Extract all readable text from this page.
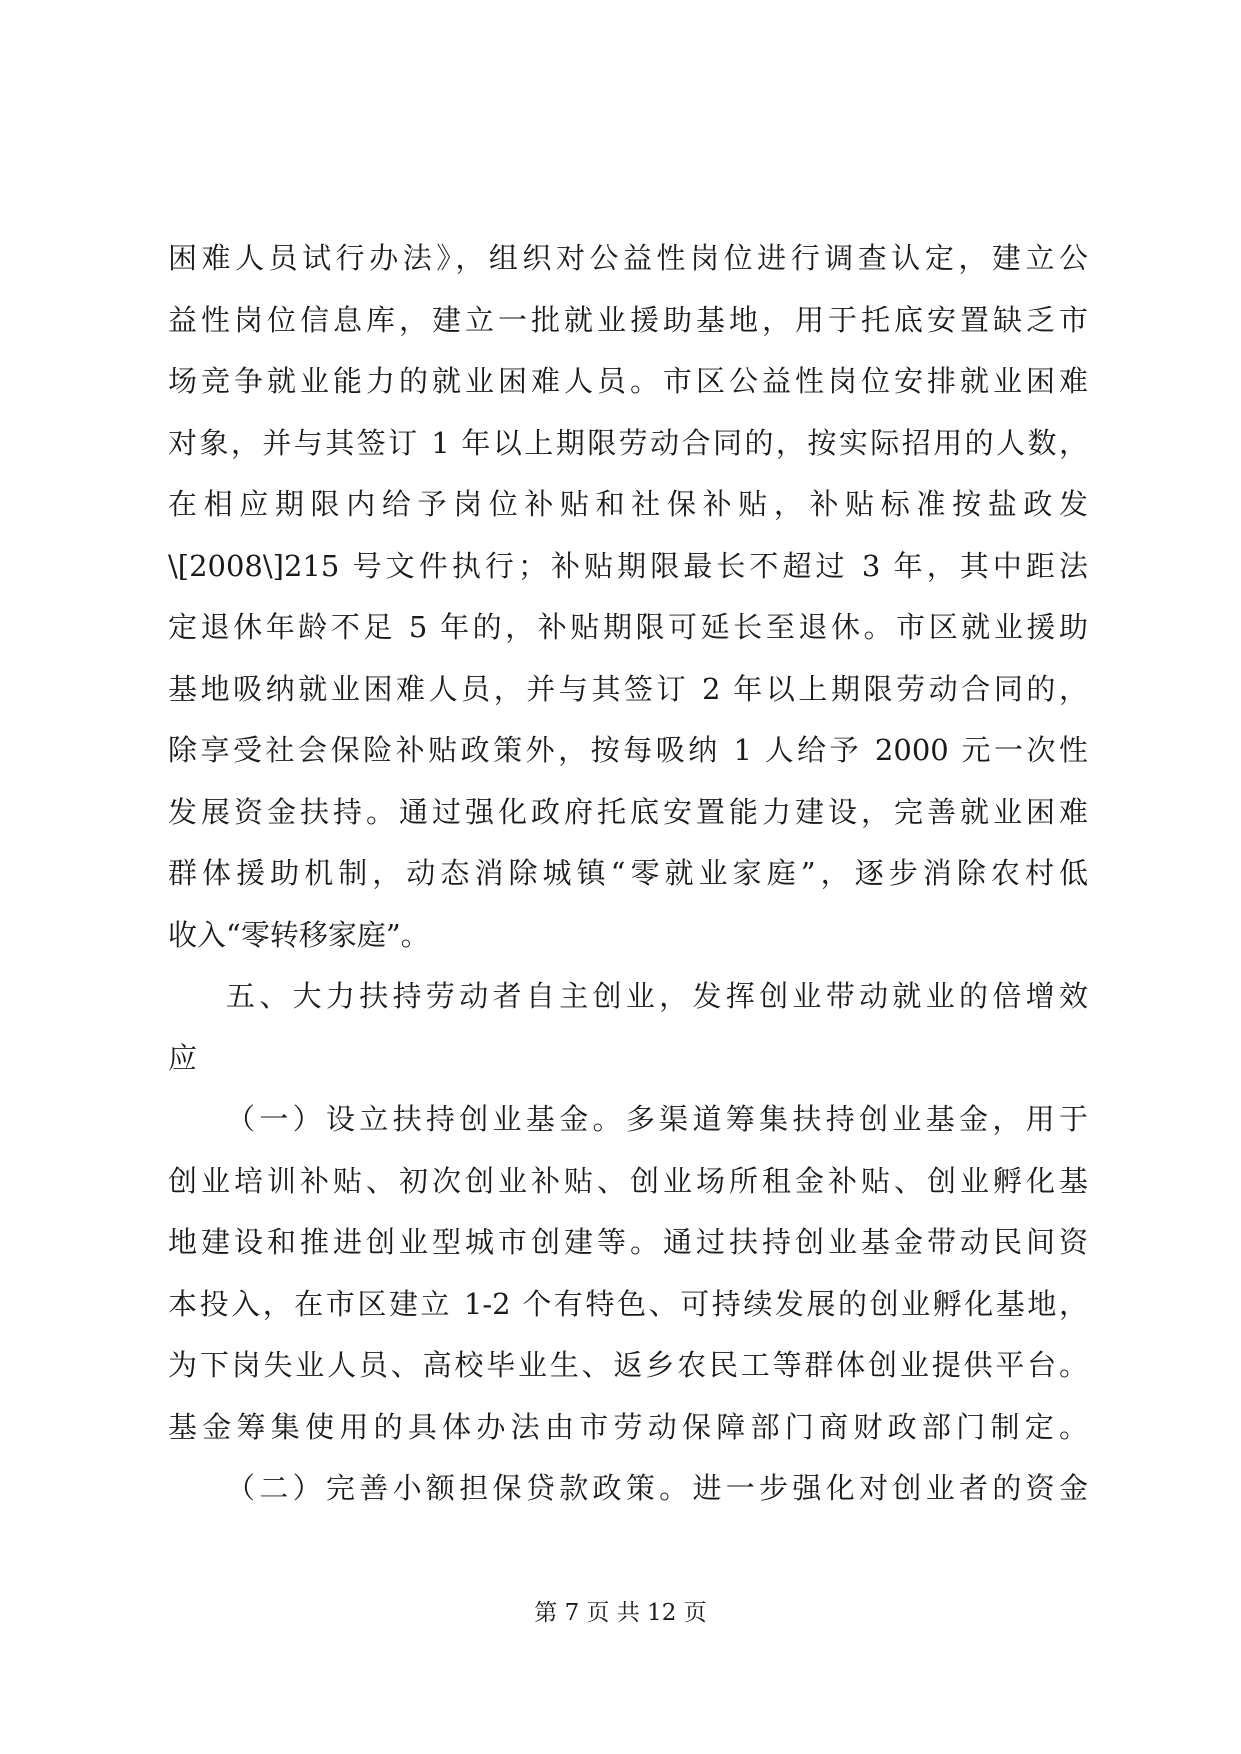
困难人员试行办法》，组织对公益性岗位进行调查认定，建立公
益性岗位信息库，建立一批就业援助基地，用于托底安置缺乏市
场竞争就业能力的就业困难人员。市区公益性岗位安排就业困难
对象，并与其签订 1 年以上期限劳动合同的，按实际招用的人数，
在相应期限内给予岗位补贴和社保补贴，补贴标准按盐政发
\[2008\]215 号文件执行；补贴期限最长不超过 3 年，其中距法
定退休年龄不足 5 年的，补贴期限可延长至退休。市区就业援助
基地吸纳就业困难人员，并与其签订 2 年以上期限劳动合同的，
除享受社会保险补贴政策外，按每吸纳 1 人给予 2000 元一次性
发展资金扶持。通过强化政府托底安置能力建设，完善就业困难
群体援助机制，动态消除城镇“零就业家庭”，逐步消除农村低
收入“零转移家庭”。
五、大力扶持劳动者自主创业，发挥创业带动就业的倍增效
应
（一）设立扶持创业基金。多渠道筹集扶持创业基金，用于
创业培训补贴、初次创业补贴、创业场所租金补贴、创业孵化基
地建设和推进创业型城市创建等。通过扶持创业基金带动民间资
本投入，在市区建立 1-2 个有特色、可持续发展的创业孵化基地，
为下岗失业人员、高校毕业生、返乡农民工等群体创业提供平台。
基金筹集使用的具体办法由市劳动保障部门商财政部门制定。
（二）完善小额担保贷款政策。进一步强化对创业者的资金
第 7 页 共 12 页
